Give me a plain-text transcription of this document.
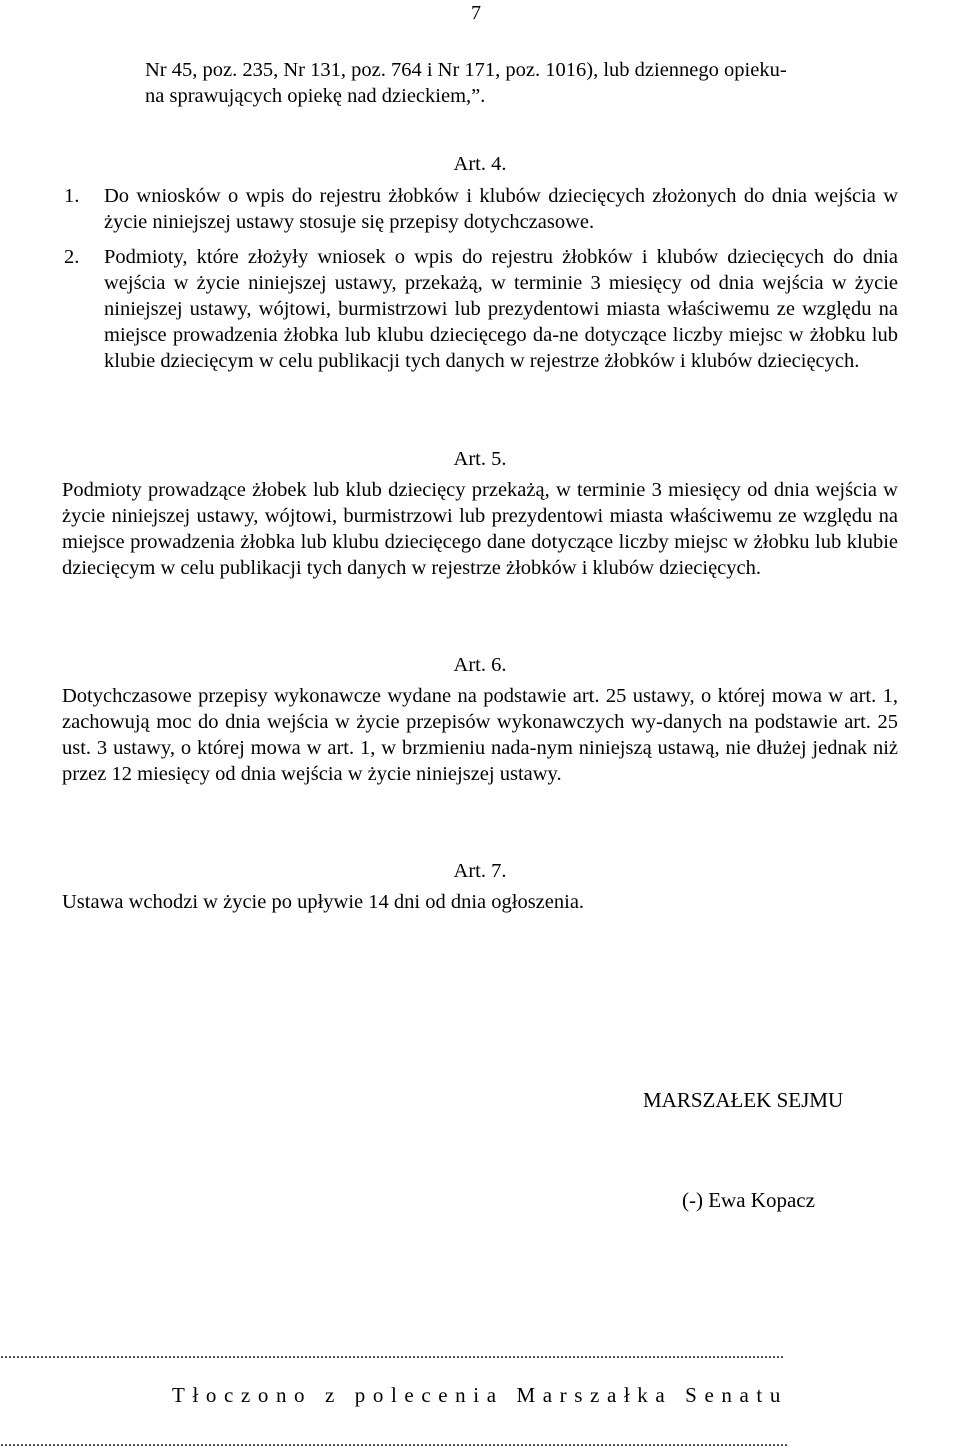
7
Nr 45, poz. 235, Nr 131, poz. 764 i Nr 171, poz. 1016), lub dziennego opieku-
na sprawujących opiekę nad dzieckiem,”.
Art. 4.
1.	Do wniosków o wpis do rejestru żłobków i klubów dziecięcych złożonych do dnia wejścia w życie niniejszej ustawy stosuje się przepisy dotychczasowe.
2.	Podmioty, które złożyły wniosek o wpis do rejestru żłobków i klubów dziecięcych do dnia wejścia w życie niniejszej ustawy, przekażą, w terminie 3 miesięcy od dnia wejścia w życie niniejszej ustawy, wójtowi, burmistrzowi lub prezydentowi miasta właściwemu ze względu na miejsce prowadzenia żłobka lub klubu dziecięcego da-ne dotyczące liczby miejsc w żłobku lub klubie dziecięcym w celu publikacji tych danych w rejestrze żłobków i klubów dziecięcych.
Art. 5.
Podmioty prowadzące żłobek lub klub dziecięcy przekażą, w terminie 3 miesięcy od dnia wejścia w życie niniejszej ustawy, wójtowi, burmistrzowi lub prezydentowi miasta właściwemu ze względu na miejsce prowadzenia żłobka lub klubu dziecięcego dane dotyczące liczby miejsc w żłobku lub klubie dziecięcym w celu publikacji tych danych w rejestrze żłobków i klubów dziecięcych.
Art. 6.
Dotychczasowe przepisy wykonawcze wydane na podstawie art. 25 ustawy, o której mowa w art. 1, zachowują moc do dnia wejścia w życie przepisów wykonawczych wy-danych na podstawie art. 25 ust. 3 ustawy, o której mowa w art. 1, w brzmieniu nada-nym niniejszą ustawą, nie dłużej jednak niż przez 12 miesięcy od dnia wejścia w życie niniejszej ustawy.
Art. 7.
Ustawa wchodzi w życie po upływie 14 dni od dnia ogłoszenia.
MARSZAŁEK SEJMU
(-) Ewa Kopacz
....................................................................................................................................................................................................
Tłoczono z polecenia Marszałka Senatu
.....................................................................................................................................................................................................
